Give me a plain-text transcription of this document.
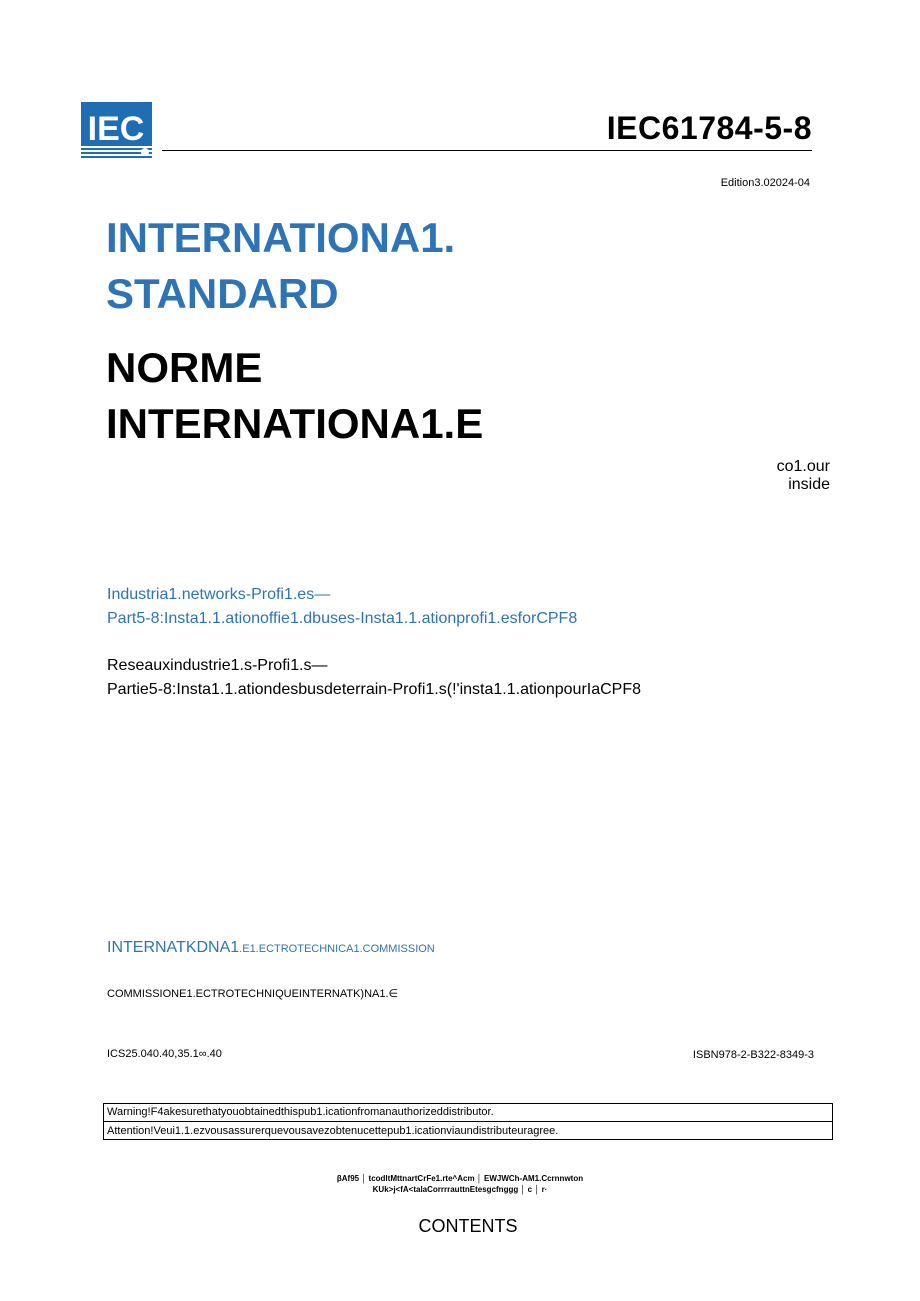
IEC	IEC61784-5-8
Edition3.02024-04
INTERNATIONA1.
STANDARD
NORME
INTERNATIONA1.E
co1.our
inside
Industria1.networks-Profi1.es—
Part5-8:Insta1.1.ationoffie1.dbuses-Insta1.1.ationprofi1.esforCPF8
Reseauxindustrie1.s-Profi1.s—
Partie5-8:Insta1.1.ationdesbusdeterrain-Profi1.s(!'insta1.1.ationpourIaCPF8
INTERNATKDNA1.E1.ECTROTECHNICA1.COMMISSION
COMMISSIONE1.ECTROTECHNIQUEINTERNATK)NA1.∈
ICS25.040.40,35.1∞.40	ISBN978-2-B322-8349-3
Warning!F4akesurethatyouobtainedthispub1.icationfromanauthorizeddistributor.
Attention!Veui1.1.ezvousassurerquevousavezobtenucettepub1.icationviaundistributeuragree.
βAf95 │ tcodltMttnartCrFe1.rte^Acm │ EWJWCh-AM1.Ccrnnwton
KUk>j<fA<talaCorrrrauttnEtesgcfnggg │ c │ r·
CONTENTS
